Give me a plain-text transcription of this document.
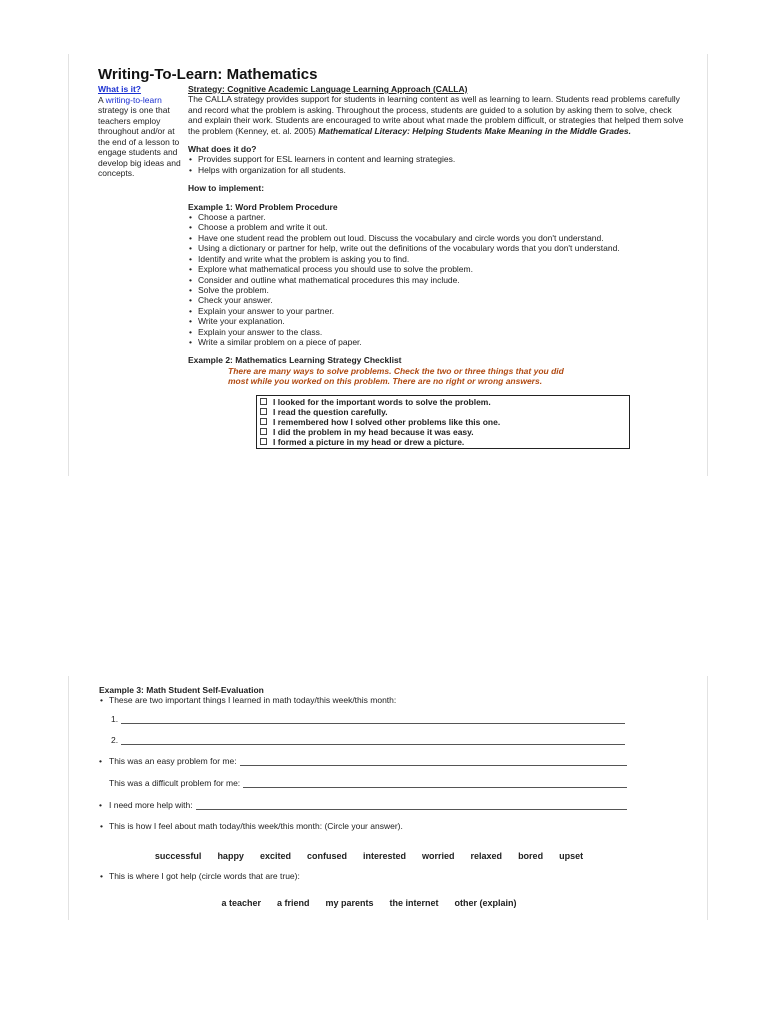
Writing-To-Learn: Mathematics
What is it?
A writing-to-learn strategy is one that teachers employ throughout and/or at the end of a lesson to engage students and develop big ideas and concepts.
Strategy: Cognitive Academic Language Learning Approach (CALLA)

The CALLA strategy provides support for students in learning content as well as learning to learn. Students read problems carefully and record what the problem is asking. Throughout the process, students are guided to a solution by asking them to solve, check and explain their work. Students are encouraged to write about what made the problem difficult, or strategies that helped them solve the problem (Kenney, et. al. 2005) Mathematical Literacy: Helping Students Make Meaning in the Middle Grades.

What does it do?
• Provides support for ESL learners in content and learning strategies.
• Helps with organization for all students.
How to implement:
Example 1: Word Problem Procedure
• Choose a partner.
• Choose a problem and write it out.
• Have one student read the problem out loud. Discuss the vocabulary and circle words you don't understand.
• Using a dictionary or partner for help, write out the definitions of the vocabulary words that you don't understand.
• Identify and write what the problem is asking you to find.
• Explore what mathematical process you should use to solve the problem.
• Consider and outline what mathematical procedures this may include.
• Solve the problem.
• Check your answer.
• Explain your answer to your partner.
• Write your explanation.
• Explain your answer to the class.
• Write a similar problem on a piece of paper.
Example 2: Mathematics Learning Strategy Checklist
There are many ways to solve problems. Check the two or three things that you did
most while you worked on this problem. There are no right or wrong answers.
I looked for the important words to solve the problem.
I read the question carefully.
I remembered how I solved other problems like this one.
I did the problem in my head because it was easy.
I formed a picture in my head or drew a picture.
Example 3: Math Student Self-Evaluation
• These are two important things I learned in math today/this week/this month:
1.
2.
• This was an easy problem for me:
This was a difficult problem for me:
• I need more help with:
• This is how I feel about math today/this week/this month: (Circle your answer).
successful happy excited confused interested worried relaxed bored upset
• This is where I got help (circle words that are true):
a teacher a friend my parents the internet other (explain)
